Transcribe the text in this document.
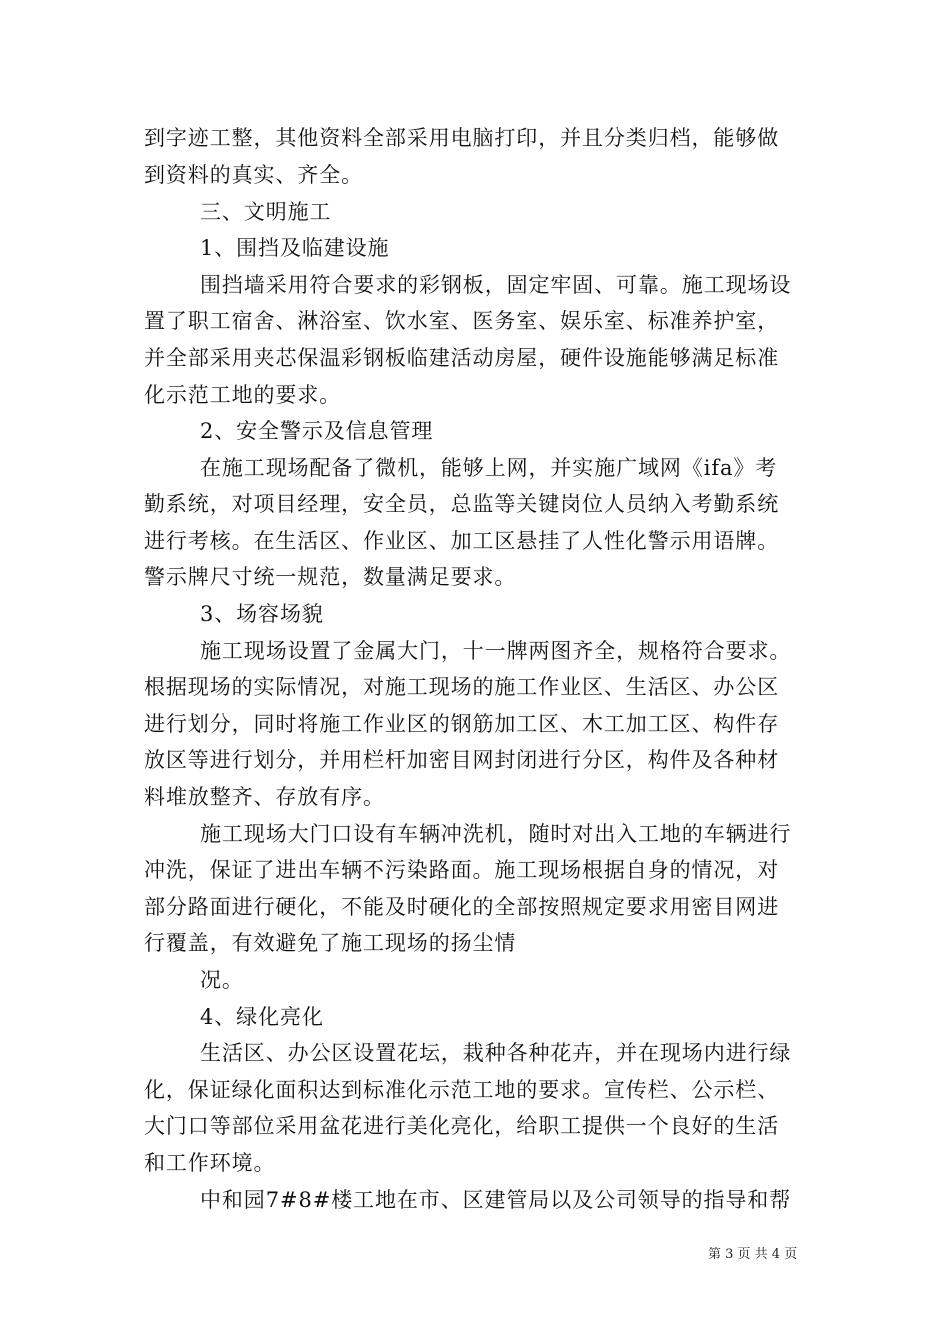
到字迹工整，其他资料全部采用电脑打印，并且分类归档，能够做
到资料的真实、齐全。
三、文明施工
1、围挡及临建设施
围挡墙采用符合要求的彩钢板，固定牢固、可靠。施工现场设
置了职工宿舍、淋浴室、饮水室、医务室、娱乐室、标准养护室，
并全部采用夹芯保温彩钢板临建活动房屋，硬件设施能够满足标准
化示范工地的要求。
2、安全警示及信息管理
在施工现场配备了微机，能够上网，并实施广域网《ifa》考
勤系统，对项目经理，安全员，总监等关键岗位人员纳入考勤系统
进行考核。在生活区、作业区、加工区悬挂了人性化警示用语牌。
警示牌尺寸统一规范，数量满足要求。
3、场容场貌
施工现场设置了金属大门，十一牌两图齐全，规格符合要求。
根据现场的实际情况，对施工现场的施工作业区、生活区、办公区
进行划分，同时将施工作业区的钢筋加工区、木工加工区、构件存
放区等进行划分，并用栏杆加密目网封闭进行分区，构件及各种材
料堆放整齐、存放有序。
施工现场大门口设有车辆冲洗机，随时对出入工地的车辆进行
冲洗，保证了进出车辆不污染路面。施工现场根据自身的情况，对
部分路面进行硬化，不能及时硬化的全部按照规定要求用密目网进
行覆盖，有效避免了施工现场的扬尘情
况。
4、绿化亮化
生活区、办公区设置花坛，栽种各种花卉，并在现场内进行绿
化，保证绿化面积达到标准化示范工地的要求。宣传栏、公示栏、
大门口等部位采用盆花进行美化亮化，给职工提供一个良好的生活
和工作环境。
中和园7#8#楼工地在市、区建管局以及公司领导的指导和帮
第 3 页 共 4 页
